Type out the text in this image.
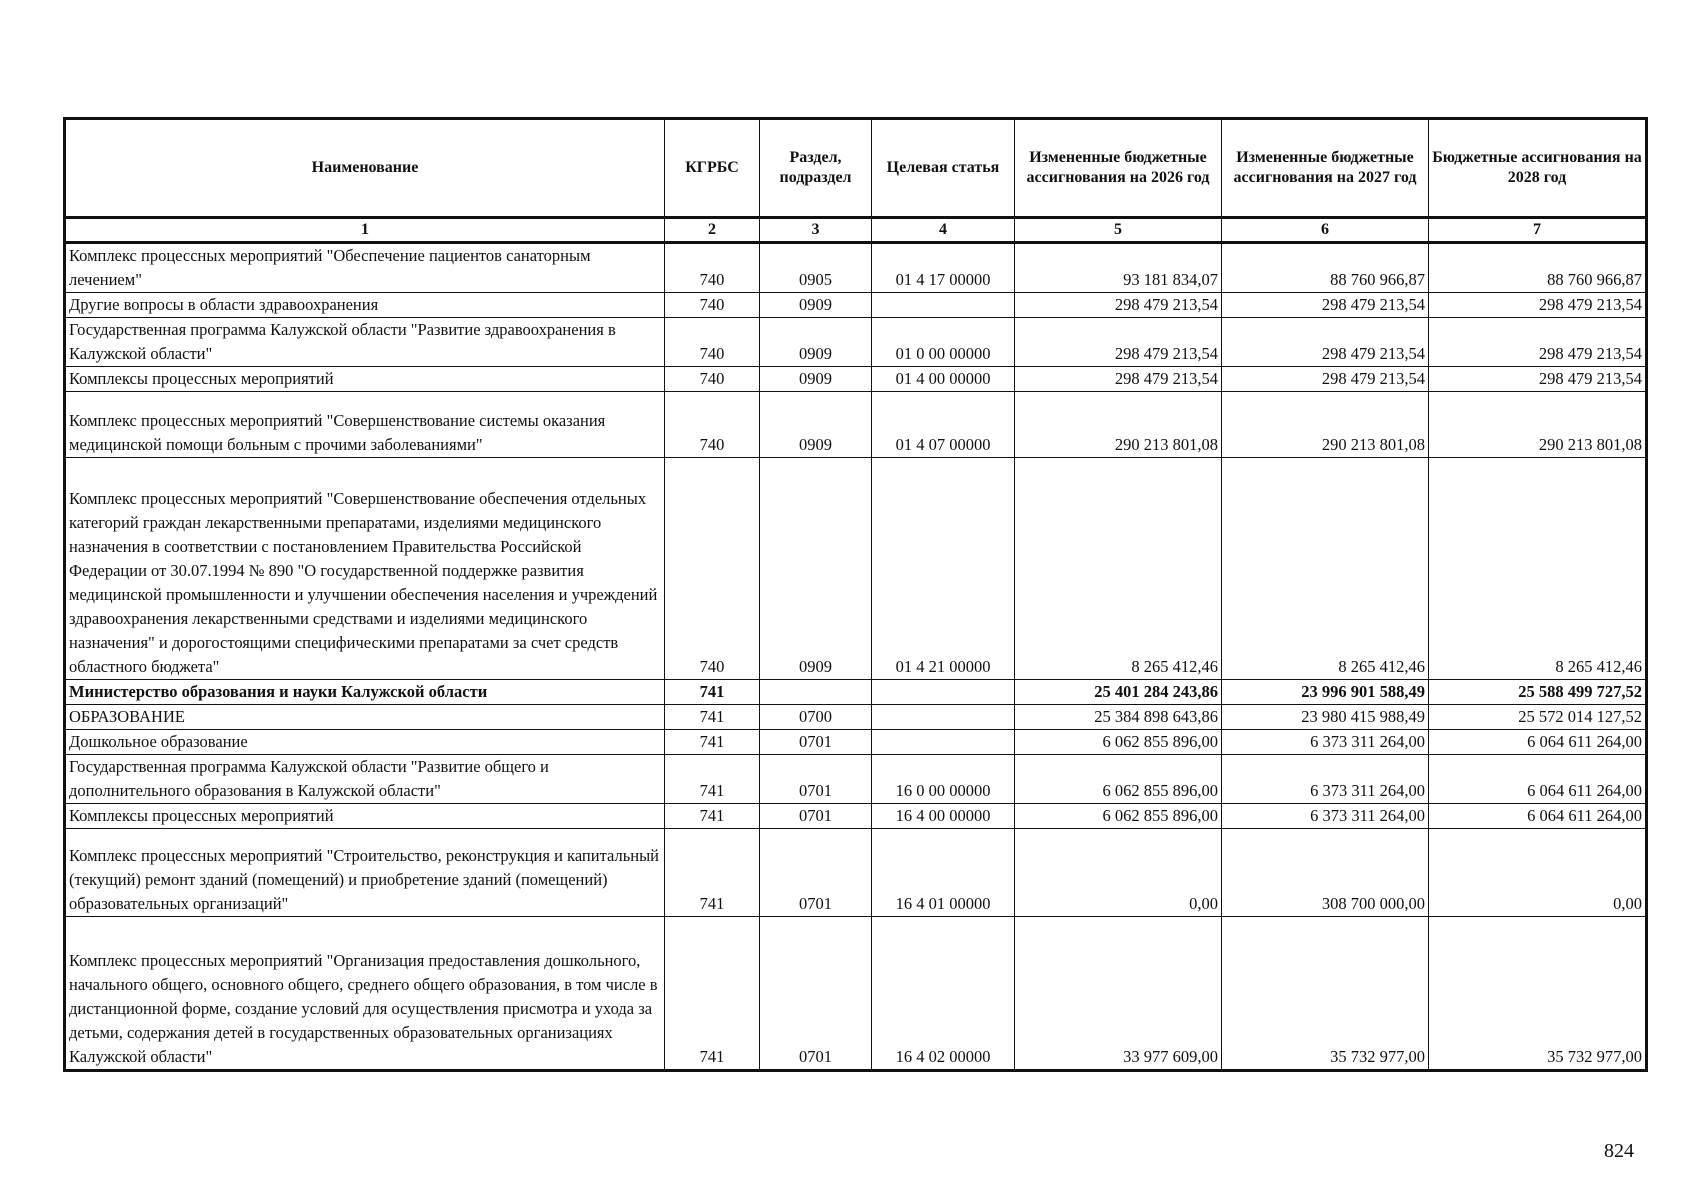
Наименование	КГРБС	Раздел, подраздел	Целевая статья	Измененные бюджетные ассигнования на 2026 год	Измененные бюджетные ассигнования на 2027 год	Бюджетные ассигнования на 2028 год
1	2	3	4	5	6	7
Комплекс процессных мероприятий "Обеспечение пациентов санаторным лечением"	740	0905	01 4 17 00000	93 181 834,07	88 760 966,87	88 760 966,87
Другие вопросы в области здравоохранения	740	0909		298 479 213,54	298 479 213,54	298 479 213,54
Государственная программа Калужской области "Развитие здравоохранения в Калужской области"	740	0909	01 0 00 00000	298 479 213,54	298 479 213,54	298 479 213,54
Комплексы процессных мероприятий	740	0909	01 4 00 00000	298 479 213,54	298 479 213,54	298 479 213,54
Комплекс процессных мероприятий "Совершенствование системы оказания медицинской помощи больным с прочими заболеваниями"	740	0909	01 4 07 00000	290 213 801,08	290 213 801,08	290 213 801,08
Комплекс процессных мероприятий "Совершенствование обеспечения отдельных категорий граждан лекарственными препаратами, изделиями медицинского назначения в соответствии с постановлением Правительства Российской Федерации от 30.07.1994 № 890 "О государственной поддержке развития медицинской промышленности и улучшении обеспечения населения и учреждений здравоохранения лекарственными средствами и изделиями медицинского назначения" и дорогостоящими специфическими препаратами за счет средств областного бюджета"	740	0909	01 4 21 00000	8 265 412,46	8 265 412,46	8 265 412,46
Министерство образования и науки Калужской области	741			25 401 284 243,86	23 996 901 588,49	25 588 499 727,52
ОБРАЗОВАНИЕ	741	0700		25 384 898 643,86	23 980 415 988,49	25 572 014 127,52
Дошкольное образование	741	0701		6 062 855 896,00	6 373 311 264,00	6 064 611 264,00
Государственная программа Калужской области "Развитие общего и дополнительного образования в Калужской области"	741	0701	16 0 00 00000	6 062 855 896,00	6 373 311 264,00	6 064 611 264,00
Комплексы процессных мероприятий	741	0701	16 4 00 00000	6 062 855 896,00	6 373 311 264,00	6 064 611 264,00
Комплекс процессных мероприятий "Строительство, реконструкция и капитальный (текущий) ремонт зданий (помещений) и приобретение зданий (помещений) образовательных организаций"	741	0701	16 4 01 00000	0,00	308 700 000,00	0,00
Комплекс процессных мероприятий "Организация предоставления дошкольного, начального общего, основного общего, среднего общего образования, в том числе в дистанционной форме, создание условий для осуществления присмотра и ухода за детьми, содержания детей в государственных образовательных организациях Калужской области"	741	0701	16 4 02 00000	33 977 609,00	35 732 977,00	35 732 977,00
824
